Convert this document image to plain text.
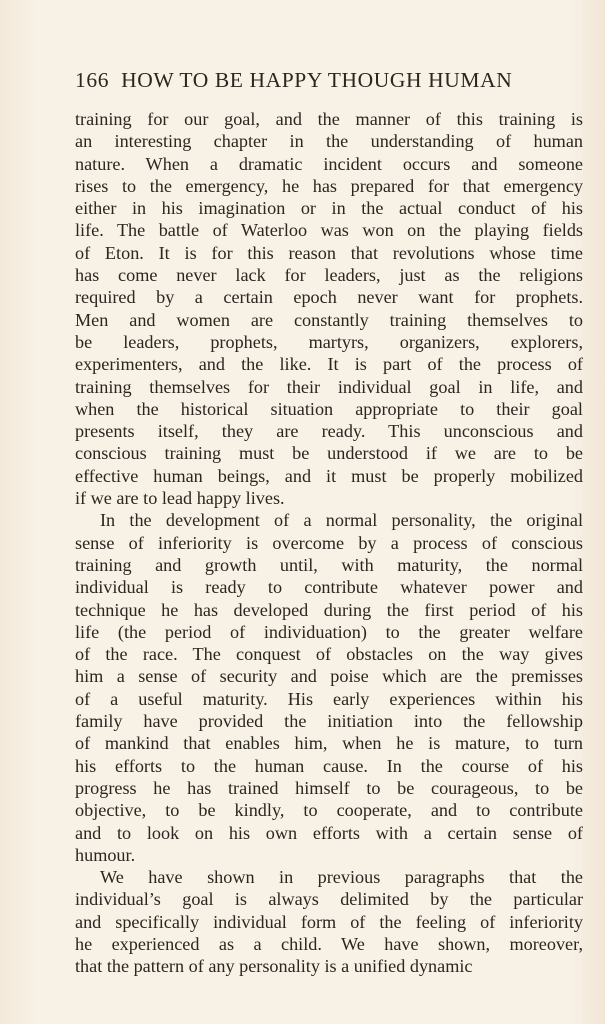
166 HOW TO BE HAPPY THOUGH HUMAN
training for our goal, and the manner of this training is
an interesting chapter in the understanding of human
nature. When a dramatic incident occurs and someone
rises to the emergency, he has prepared for that emergency
either in his imagination or in the actual conduct of his
life. The battle of Waterloo was won on the playing fields
of Eton. It is for this reason that revolutions whose time
has come never lack for leaders, just as the religions
required by a certain epoch never want for prophets.
Men and women are constantly training themselves to
be leaders, prophets, martyrs, organizers, explorers,
experimenters, and the like. It is part of the process of
training themselves for their individual goal in life, and
when the historical situation appropriate to their goal
presents itself, they are ready. This unconscious and
conscious training must be understood if we are to be
effective human beings, and it must be properly mobilized
if we are to lead happy lives.
In the development of a normal personality, the original
sense of inferiority is overcome by a process of conscious
training and growth until, with maturity, the normal
individual is ready to contribute whatever power and
technique he has developed during the first period of his
life (the period of individuation) to the greater welfare
of the race. The conquest of obstacles on the way gives
him a sense of security and poise which are the premisses
of a useful maturity. His early experiences within his
family have provided the initiation into the fellowship
of mankind that enables him, when he is mature, to turn
his efforts to the human cause. In the course of his
progress he has trained himself to be courageous, to be
objective, to be kindly, to cooperate, and to contribute
and to look on his own efforts with a certain sense of
humour.
We have shown in previous paragraphs that the
individual’s goal is always delimited by the particular
and specifically individual form of the feeling of inferiority
he experienced as a child. We have shown, moreover,
that the pattern of any personality is a unified dynamic
